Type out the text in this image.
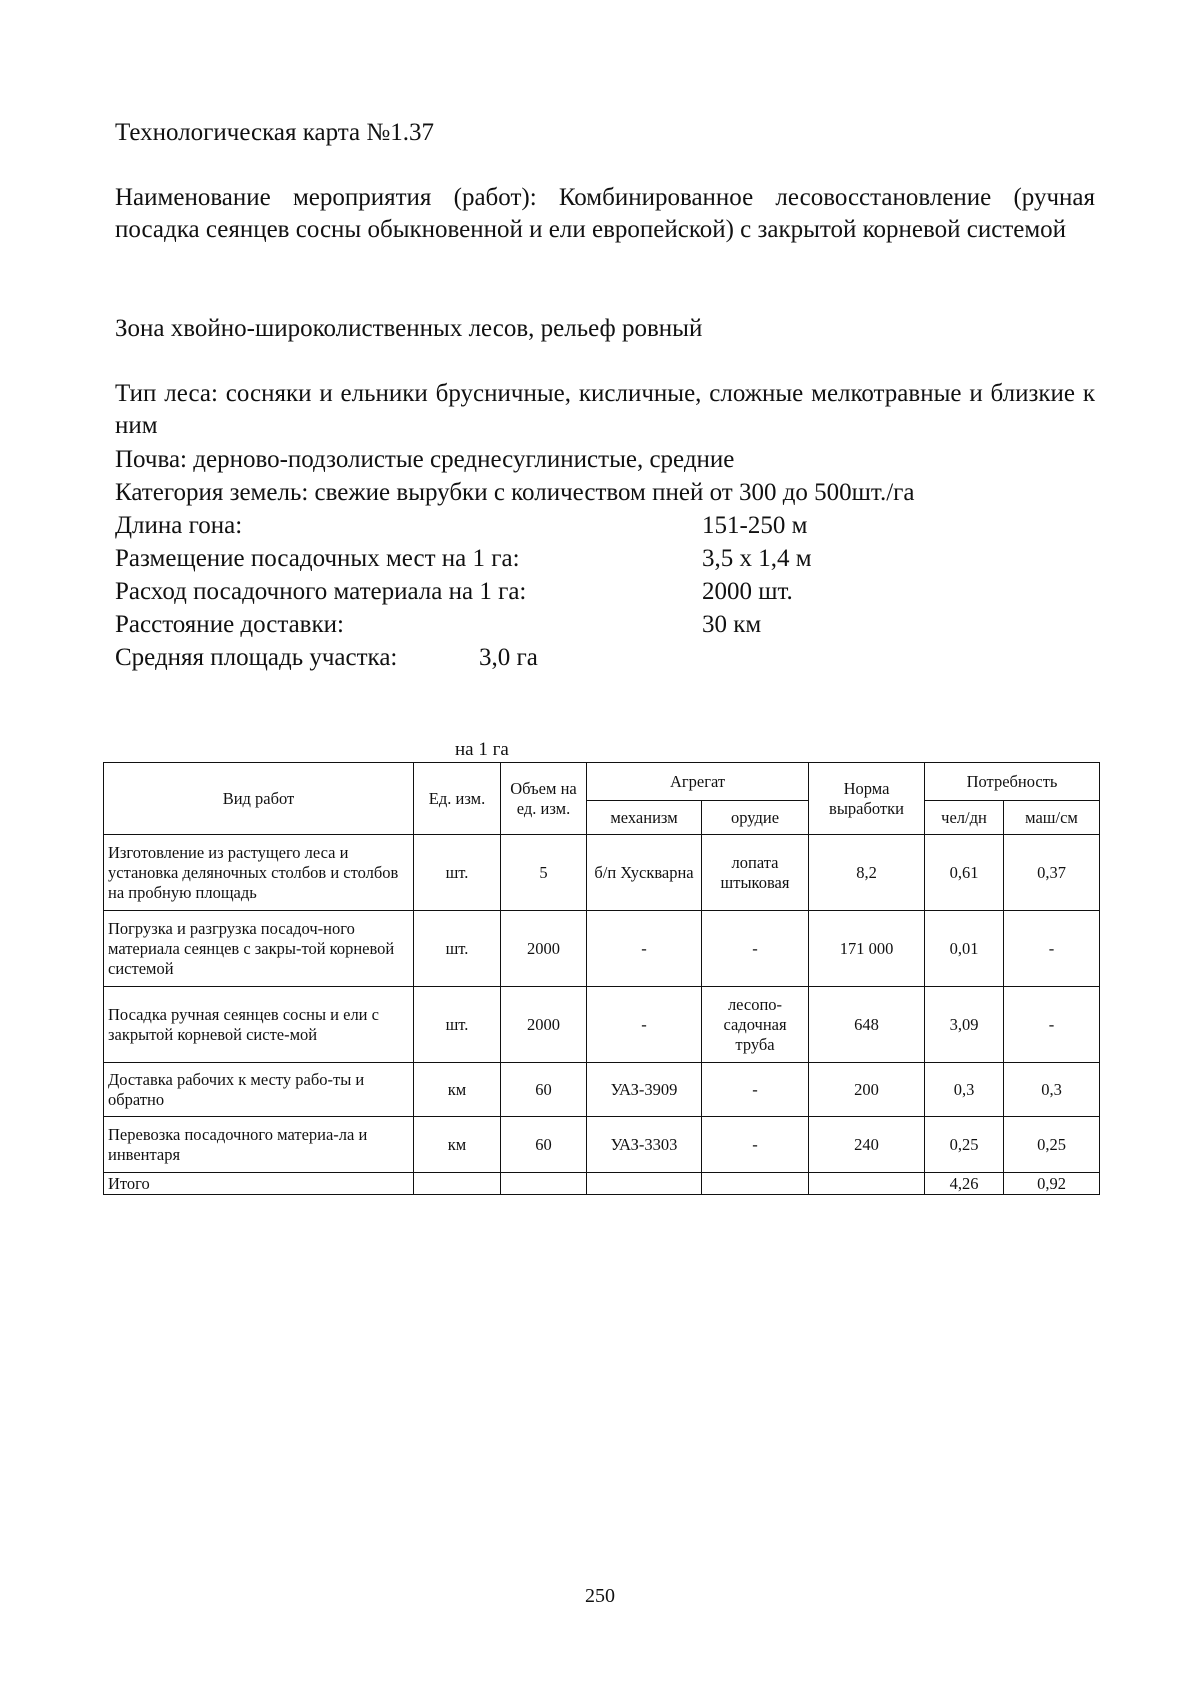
Технологическая карта №1.37
Наименование мероприятия (работ): Комбинированное лесовосстановление (ручная посадка сеянцев сосны обыкновенной и ели европейской) с закрытой корневой системой
Зона хвойно-широколиственных лесов, рельеф ровный
Тип леса: сосняки и ельники брусничные, кисличные, сложные мелкотравные и близкие к ним
Почва: дерново-подзолистые среднесуглинистые, средние
Категория земель: свежие вырубки с количеством пней от 300 до 500шт./га
Длина гона:	151-250 м
Размещение посадочных мест на 1 га:	3,5 х 1,4 м
Расход посадочного материала на 1 га:	2000 шт.
Расстояние доставки:	30 км
Средняя площадь участка:	3,0 га
на 1 га
Вид работ	Ед. изм.	Объем на ед. изм.	Агрегат		Норма выработки	Потребность	
			механизм	орудие		чел/дн	маш/см
Изготовление из растущего леса и установка деляночных столбов и столбов на пробную площадь	шт.	5	б/п Хускварна	лопата штыковая	8,2	0,61	0,37
Погрузка и разгрузка посадоч-ного материала сеянцев с закры-той корневой системой	шт.	2000	-	-	171 000	0,01	-
Посадка ручная сеянцев сосны и ели с закрытой корневой систе-мой	шт.	2000	-	лесопо-садочная труба	648	3,09	-
Доставка рабочих к месту рабо-ты и обратно	км	60	УАЗ-3909	-	200	0,3	0,3
Перевозка посадочного материа-ла и инвентаря	км	60	УАЗ-3303	-	240	0,25	0,25
Итого						4,26	0,92
250
